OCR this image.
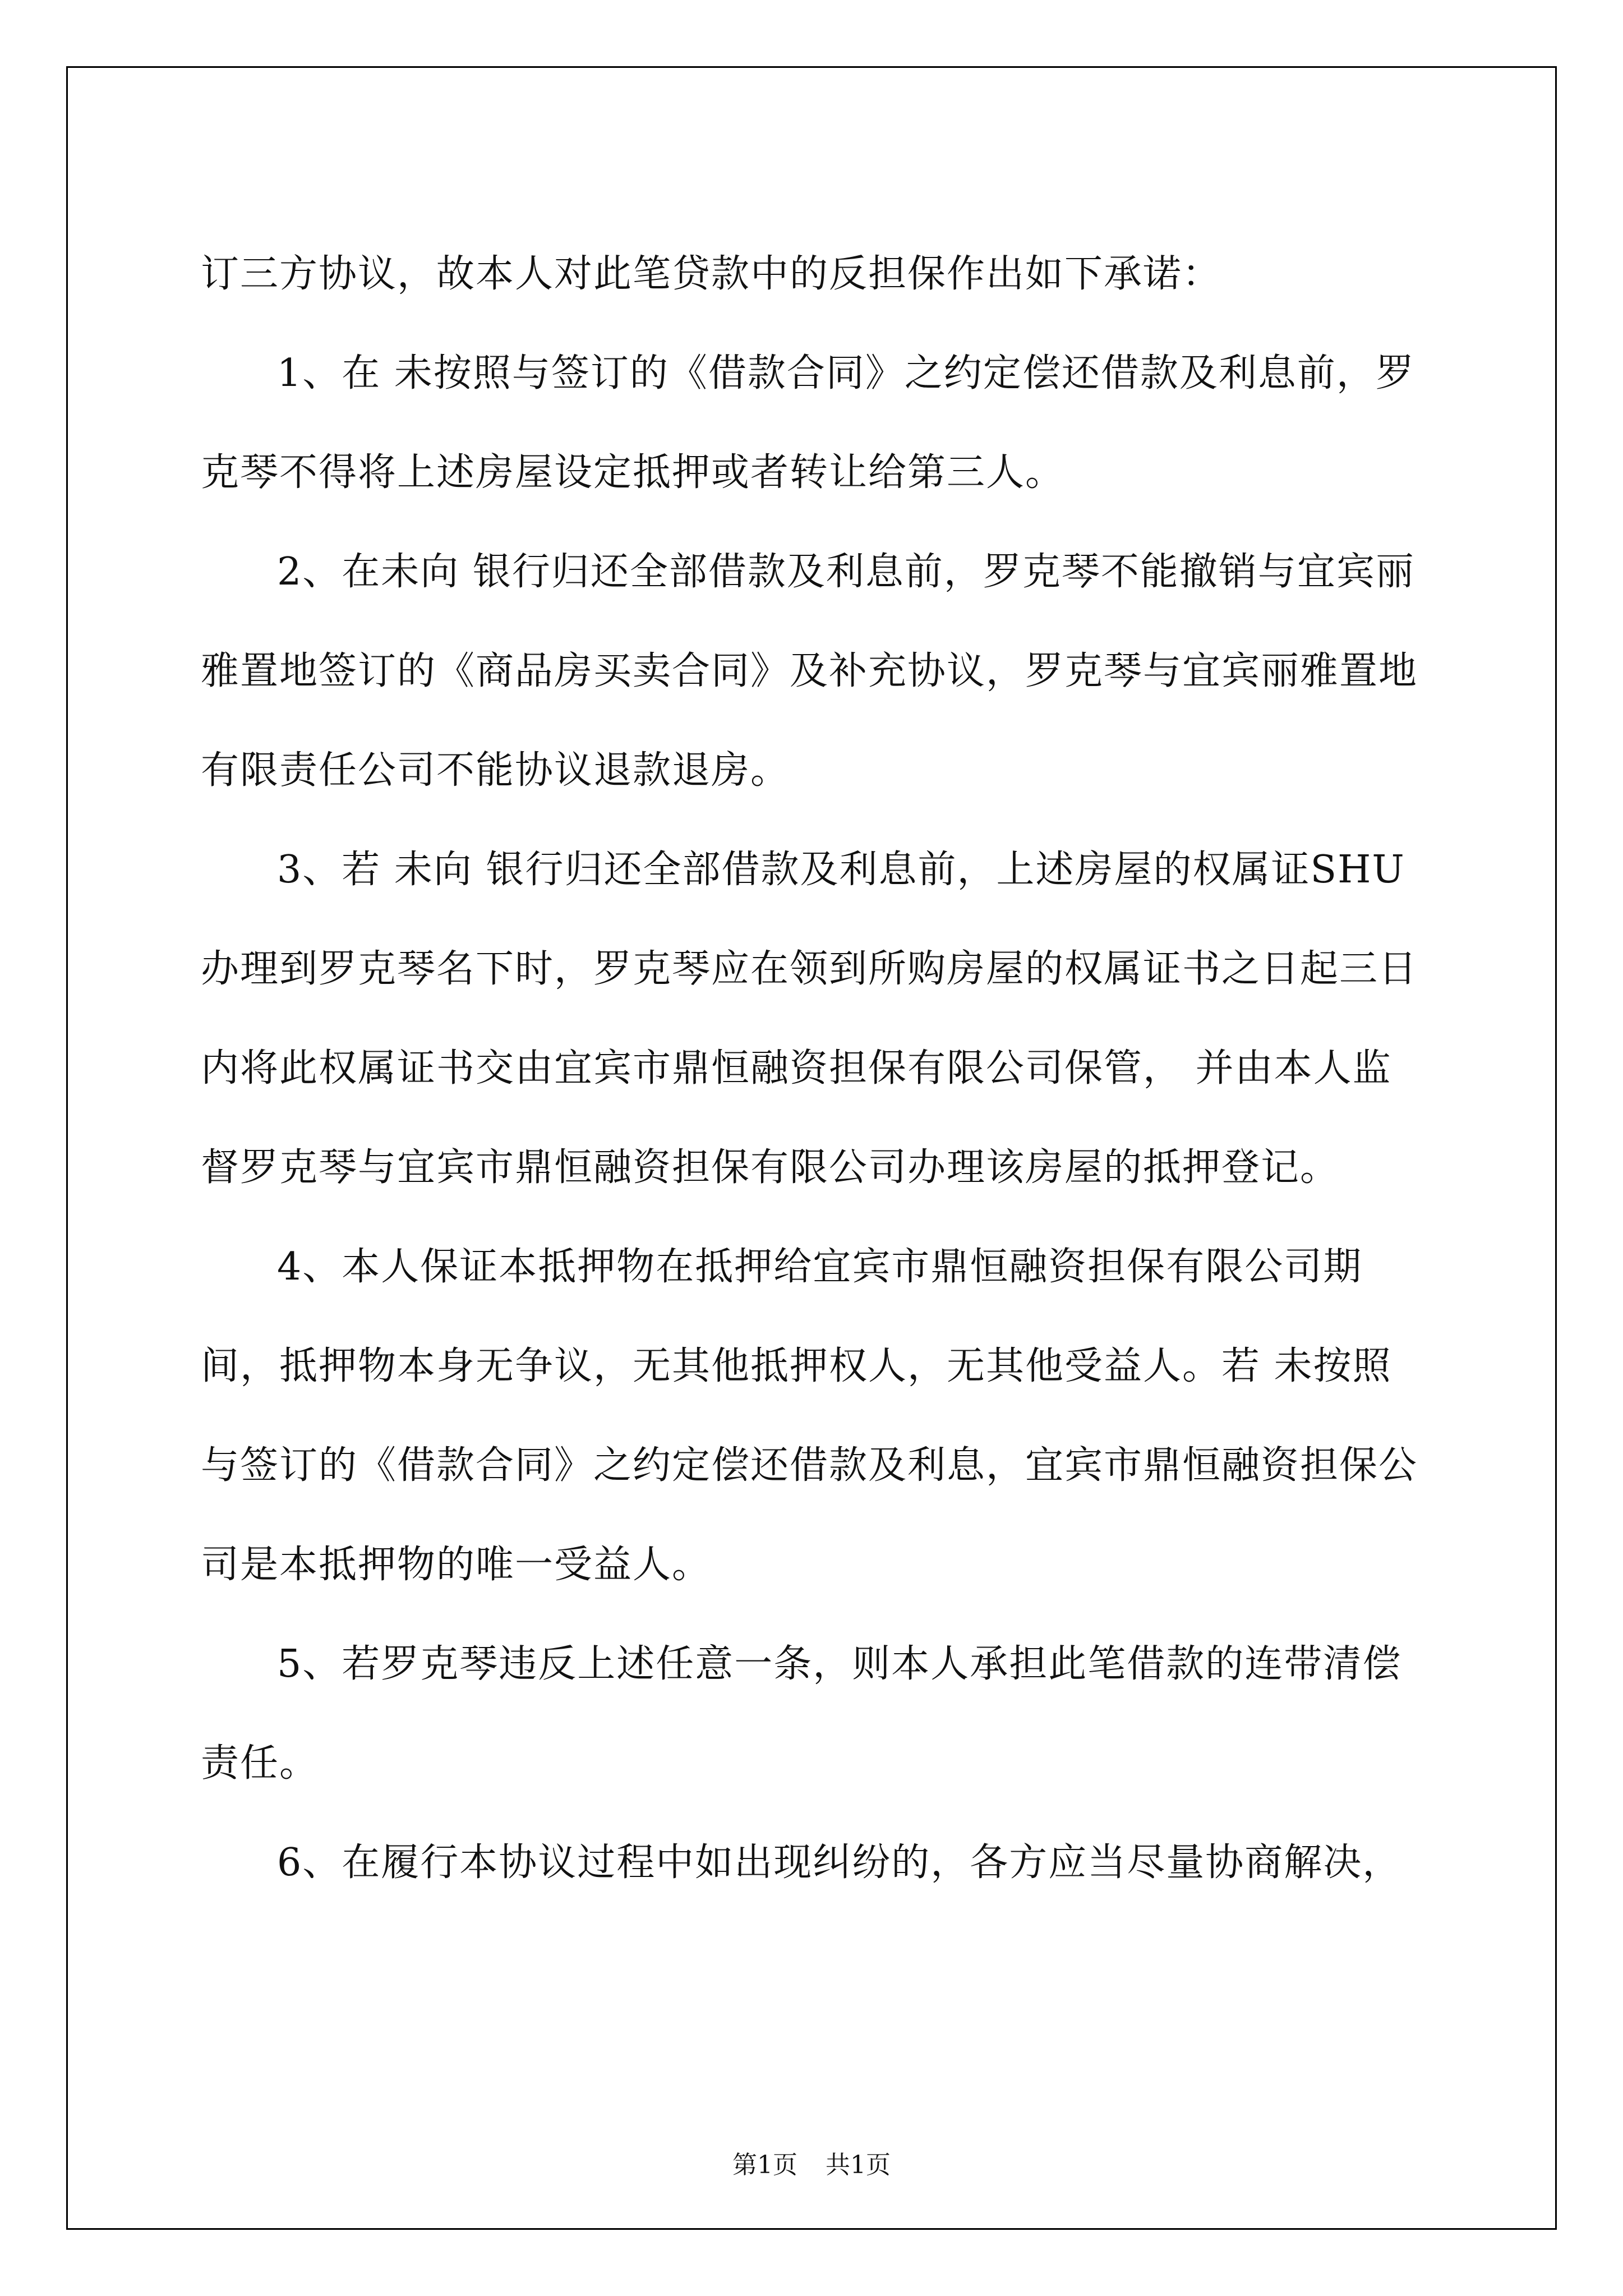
订三方协议，故本人对此笔贷款中的反担保作出如下承诺：

1、在 未按照与签订的《借款合同》之约定偿还借款及利息前，罗克琴不得将上述房屋设定抵押或者转让给第三人。

2、在未向 银行归还全部借款及利息前，罗克琴不能撤销与宜宾丽雅置地签订的《商品房买卖合同》及补充协议，罗克琴与宜宾丽雅置地有限责任公司不能协议退款退房。

3、若 未向 银行归还全部借款及利息前，上述房屋的权属证SHU办理到罗克琴名下时，罗克琴应在领到所购房屋的权属证书之日起三日内将此权属证书交由宜宾市鼎恒融资担保有限公司保管， 并由本人监督罗克琴与宜宾市鼎恒融资担保有限公司办理该房屋的抵押登记。

4、本人保证本抵押物在抵押给宜宾市鼎恒融资担保有限公司期间，抵押物本身无争议，无其他抵押权人，无其他受益人。若 未按照与签订的《借款合同》之约定偿还借款及利息，宜宾市鼎恒融资担保公司是本抵押物的唯一受益人。

5、若罗克琴违反上述任意一条，则本人承担此笔借款的连带清偿责任。

6、在履行本协议过程中如出现纠纷的，各方应当尽量协商解决，

第1页 共1页
